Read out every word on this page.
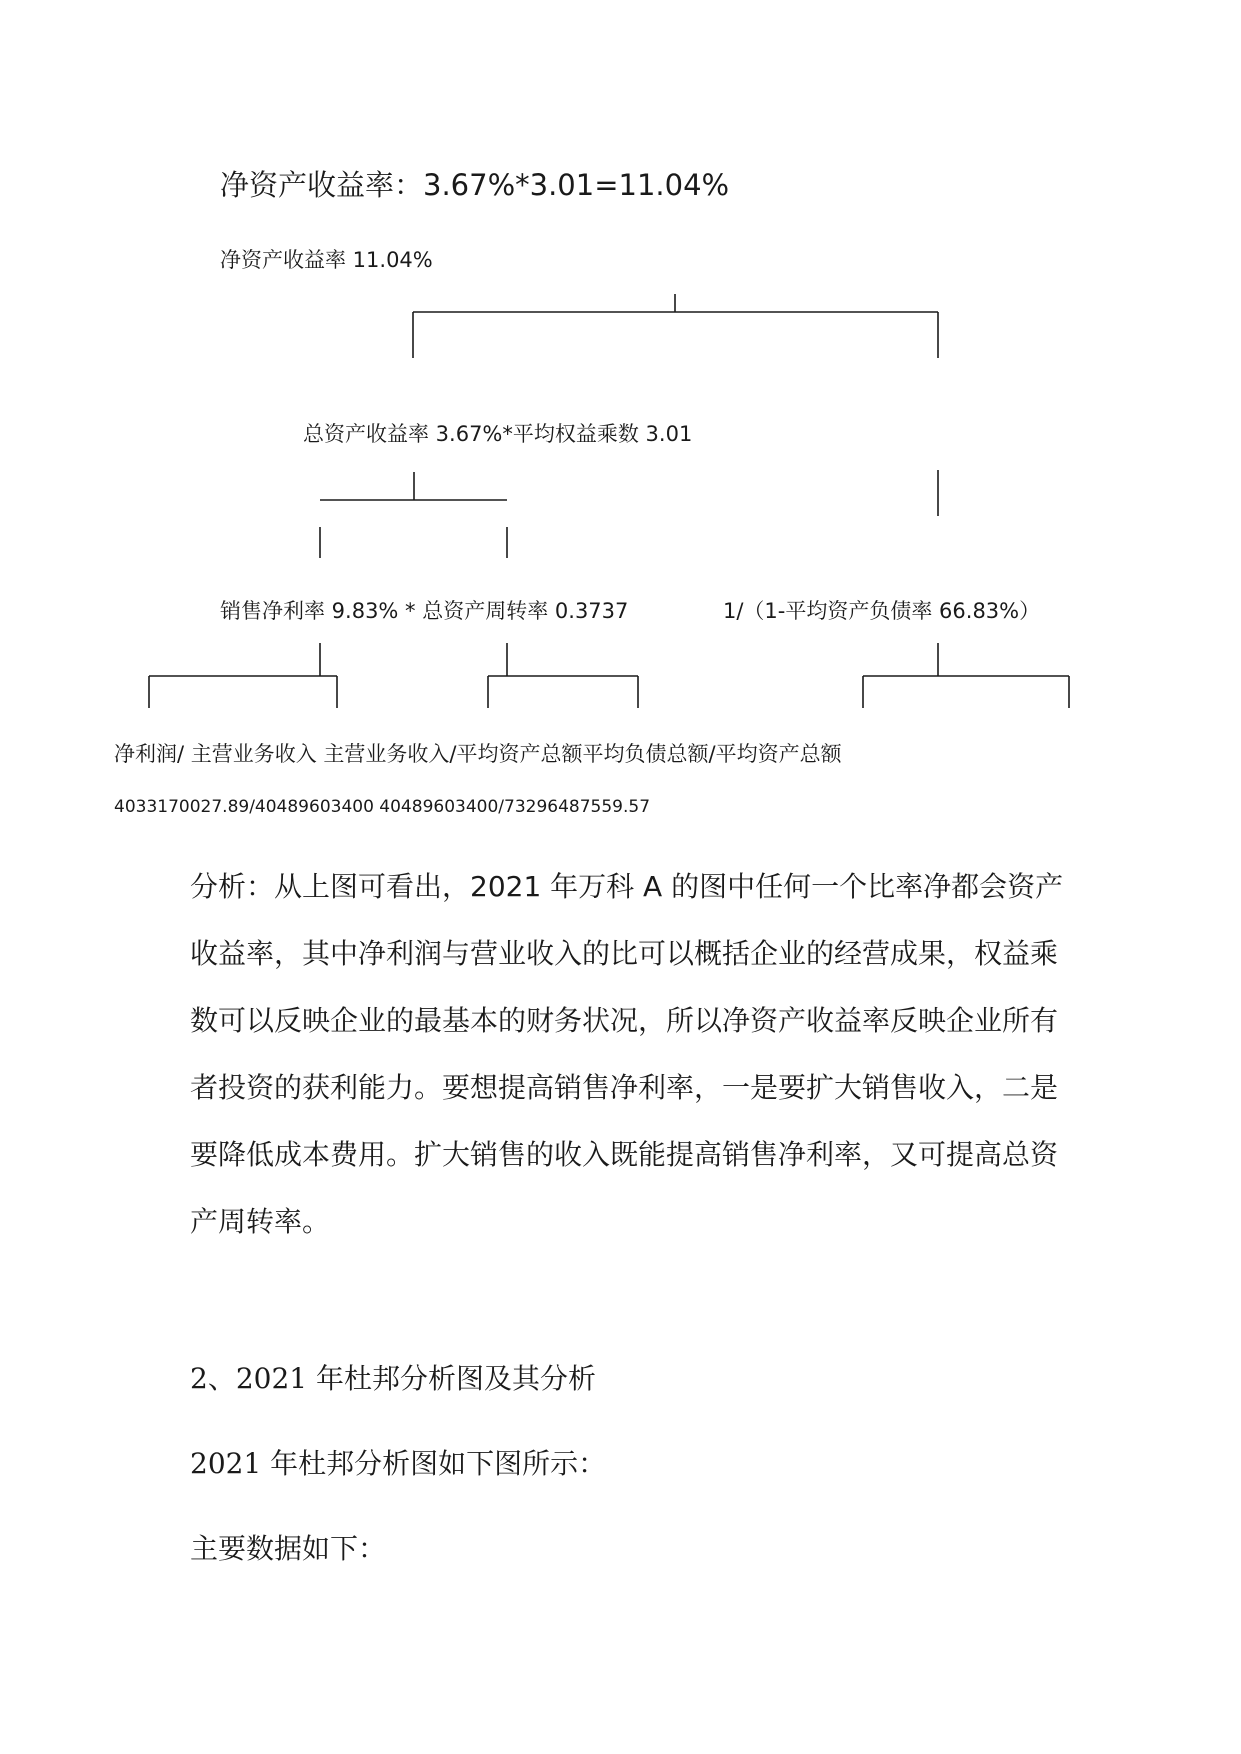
净资产收益率：3.67%*3.01=11.04%

净资产收益率 11.04%

总资产收益率 3.67%*平均权益乘数 3.01

销售净利率 9.83% * 总资产周转率 0.3737	1/（1-平均资产负债率 66.83%）

净利润/ 主营业务收入 主营业务收入/平均资产总额平均负债总额/平均资产总额

4033170027.89/40489603400 40489603400/73296487559.57

分析：从上图可看出，2021 年万科 A 的图中任何一个比率净都会资产收益率，其中净利润与营业收入的比可以概括企业的经营成果，权益乘数可以反映企业的最基本的财务状况，所以净资产收益率反映企业所有者投资的获利能力。要想提高销售净利率，一是要扩大销售收入，二是要降低成本费用。扩大销售的收入既能提高销售净利率，又可提高总资产周转率。

2、2021 年杜邦分析图及其分析

2021 年杜邦分析图如下图所示：

主要数据如下：
